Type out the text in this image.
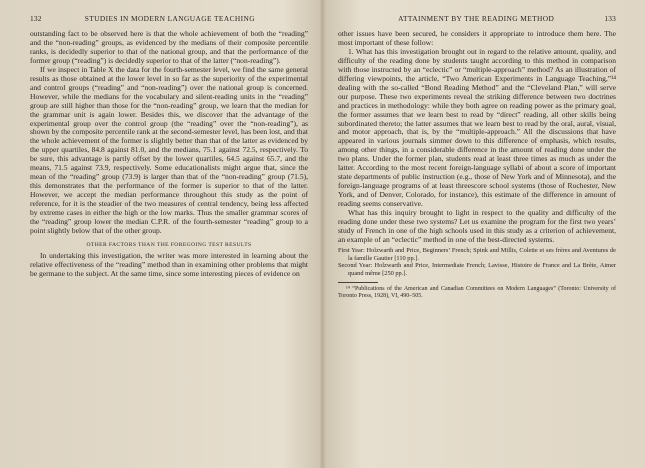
132	STUDIES IN MODERN LANGUAGE TEACHING

outstanding fact to be observed here is that the whole achievement of both the “reading” and the “non-reading” groups, as evidenced by the medians of their composite percentile ranks, is decidedly superior to that of the national group, and that the performance of the former group (“reading”) is decidedly superior to that of the latter (“non-reading”).

If we inspect in Table X the data for the fourth-semester level, we find the same general results as those obtained at the lower level in so far as the superiority of the experimental and control groups (“reading” and “non-reading”) over the national group is concerned. However, while the medians for the vocabulary and silent-reading units in the “reading” group are still higher than those for the “non-reading” group, we learn that the median for the grammar unit is again lower. Besides this, we discover that the advantage of the experimental group over the control group (the “reading” over the “non-reading”), as shown by the composite percentile rank at the second-semester level, has been lost, and that the whole achievement of the former is slightly better than that of the latter as evidenced by the upper quartiles, 84.8 against 81.0, and the medians, 75.1 against 72.5, respectively. To be sure, this advantage is partly offset by the lower quartiles, 64.5 against 65.7, and the means, 71.5 against 73.9, respectively. Some educationalists might argue that, since the mean of the “reading” group (73.9) is larger than that of the “non-reading” group (71.5), this demonstrates that the performance of the former is superior to that of the latter. However, we accept the median performance throughout this study as the point of reference, for it is the steadier of the two measures of central tendency, being less affected by extreme cases in either the high or the low marks. Thus the smaller grammar scores of the “reading” group lower the median C.P.R. of the fourth-semester “reading” group to a point slightly below that of the other group.

OTHER FACTORS THAN THE FOREGOING TEST RESULTS

In undertaking this investigation, the writer was more interested in learning about the relative effectiveness of the “reading” method than in examining other problems that might be germane to the subject. At the same time, since some interesting pieces of evidence on

ATTAINMENT BY THE READING METHOD	133

other issues have been secured, he considers it appropriate to introduce them here. The most important of these follow:

1. What has this investigation brought out in regard to the relative amount, quality, and difficulty of the reading done by students taught according to this method in comparison with those instructed by an “eclectic” or “multiple-approach” method? As an illustration of differing viewpoints, the article, “Two American Experiments in Language Teaching,”¹⁴ dealing with the so-called “Bond Reading Method” and the “Cleveland Plan,” will serve our purpose. These two experiments reveal the striking difference between two doctrines and practices in methodology: while they both agree on reading power as the primary goal, the former assumes that we learn best to read by “direct” reading, all other skills being subordinated thereto; the latter assumes that we learn best to read by the oral, aural, visual, and motor approach, that is, by the “multiple-approach.” All the discussions that have appeared in various journals simmer down to this difference of emphasis, which results, among other things, in a considerable difference in the amount of reading done under the two plans. Under the former plan, students read at least three times as much as under the latter. According to the most recent foreign-language syllabi of about a score of important state departments of public instruction (e.g., those of New York and of Minnesota), and the foreign-language programs of at least threescore school systems (those of Rochester, New York, and of Denver, Colorado, for instance), this estimate of the difference in amount of reading seems conservative.

What has this inquiry brought to light in respect to the quality and difficulty of the reading done under these two systems? Let us examine the program for the first two years’ study of French in one of the high schools used in this study as a criterion of achievement, an example of an “eclectic” method in one of the best-directed systems.

First Year: Holzwarth and Price, Beginners’ French; Spink and Millis, Colette et ses frères and Aventures de la famille Gautier [110 pp.].

Second Year: Holzwarth and Price, Intermediate French; Lavisse, Histoire de France and La Brète, Aimer quand même [250 pp.].

¹⁴ “Publications of the American and Canadian Committees on Modern Languages” (Toronto: University of Toronto Press, 1928), VI, 490–505.
